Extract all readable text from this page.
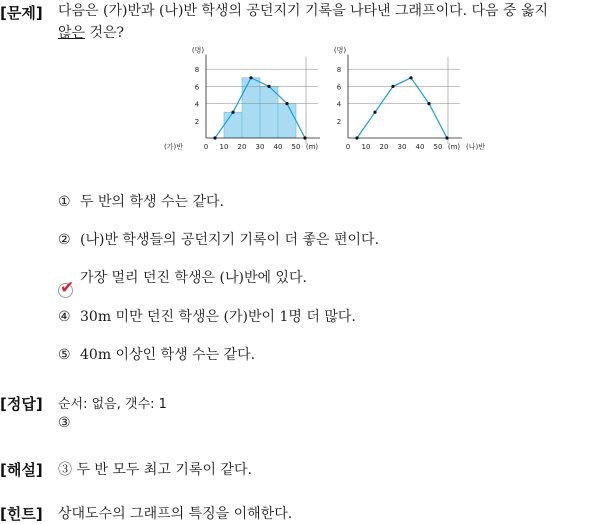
[문제] 다음은 (가)반과 (나)반 학생의 공던지기 기록을 나타낸 그래프이다. 다음 중 옳지
않은 것은?
2
4
6
8
0 10 20 30 40 50
(명)
(m)
(가)반
2
4
6
8
0 10 20 30 40 50
(명)
(m) (나)반
① 두 반의 학생 수는 같다.
② (나)반 학생들의 공던지기 기록이 더 좋은 편이다.
✔ 가장 멀리 던진 학생은 (나)반에 있다.
④ 30m 미만 던진 학생은 (가)반이 1명 더 많다.
⑤ 40m 이상인 학생 수는 같다.
[정답] 순서: 없음, 갯수: 1
③
[해설] ③ 두 반 모두 최고 기록이 같다.
[힌트] 상대도수의 그래프의 특징을 이해한다.
